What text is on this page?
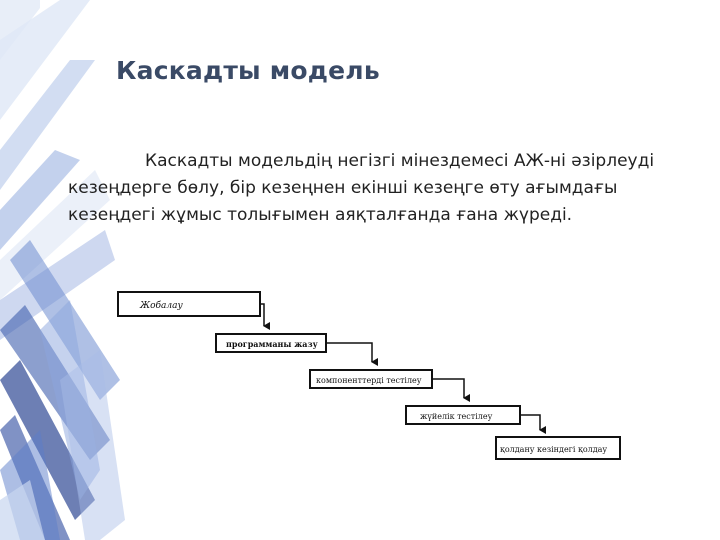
Каскадты модель

Каскадты модельдің негізгі мінездемесі АЖ-ні әзірлеуді кезеңдерге бөлу, бір кезеңнен екінші кезеңге өту ағымдағы кезеңдегі жұмыс толығымен аяқталғанда ғана жүреді.

Жобалау
программаны жазу
компоненттерді тестілеу
жүйелік тестілеу
қолдану кезіндегі қолдау
